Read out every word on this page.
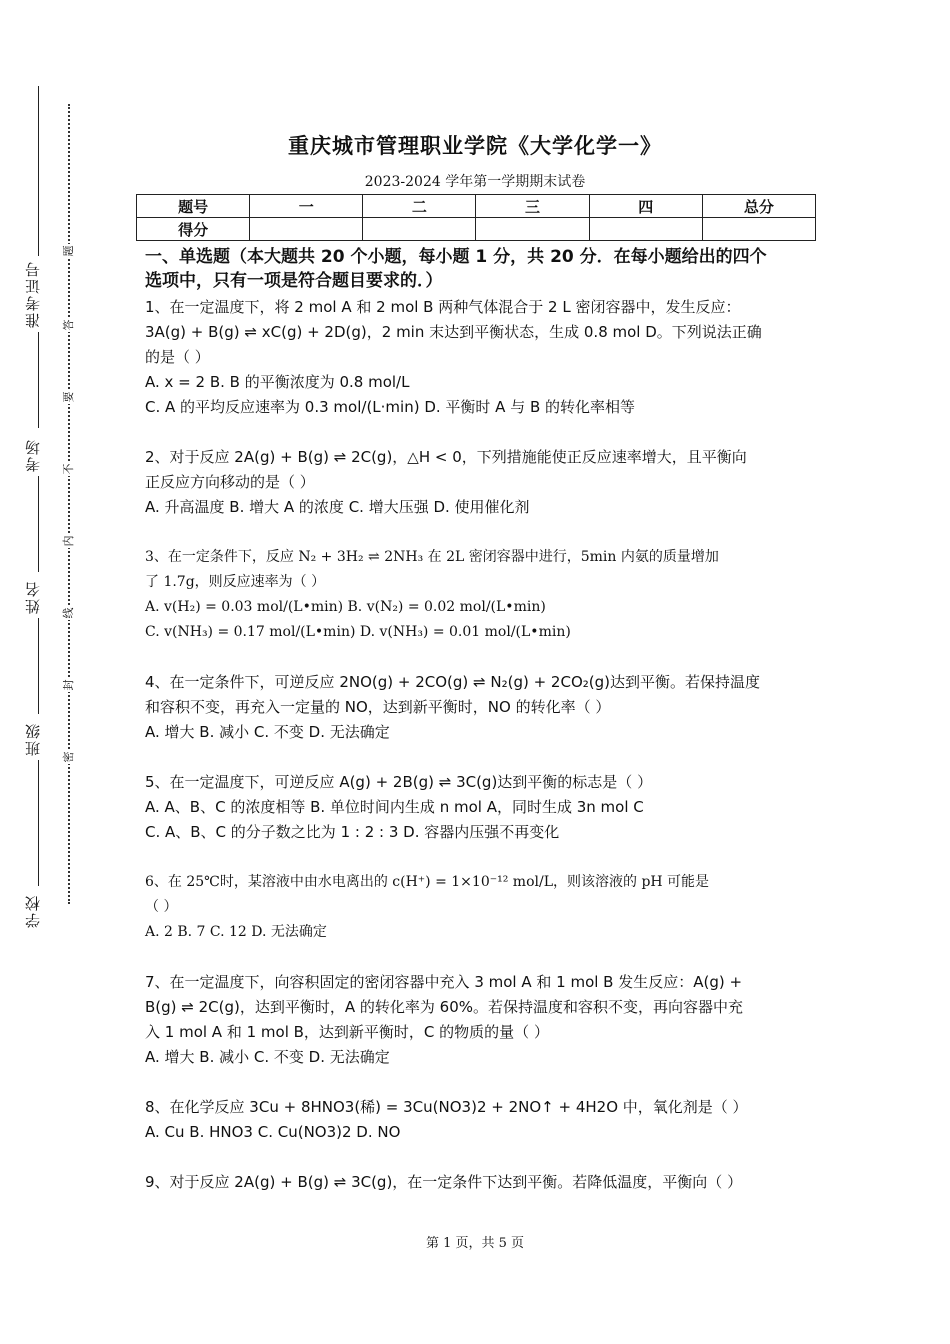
准考证号
考场
姓名
班级
学校
题
答
要
不
内
线
封
密
重庆城市管理职业学院《大学化学一》
2023-2024 学年第一学期期末试卷
题号	一	二	三	四	总分
得分					
一、单选题（本大题共 20 个小题，每小题 1 分，共 20 分．在每小题给出的四个
选项中，只有一项是符合题目要求的．）

1、在一定温度下，将 2 mol A 和 2 mol B 两种气体混合于 2 L 密闭容器中，发生反应：

3A(g) + B(g) ⇌ xC(g) + 2D(g)，2 min 末达到平衡状态，生成 0.8 mol D。下列说法正确

的是（ ）

A. x = 2 B. B 的平衡浓度为 0.8 mol/L

C. A 的平均反应速率为 0.3 mol/(L·min) D. 平衡时 A 与 B 的转化率相等

2、对于反应 2A(g) + B(g) ⇌ 2C(g)，△H < 0，下列措施能使正反应速率增大，且平衡向

正反应方向移动的是（ ）

A. 升高温度 B. 增大 A 的浓度 C. 增大压强 D. 使用催化剂

3、在一定条件下，反应 N₂ + 3H₂ ⇌ 2NH₃ 在 2L 密闭容器中进行，5min 内氨的质量增加

了 1.7g，则反应速率为（ ）

A. v(H₂) = 0.03 mol/(L•min) B. v(N₂) = 0.02 mol/(L•min)

C. v(NH₃) = 0.17 mol/(L•min) D. v(NH₃) = 0.01 mol/(L•min)

4、在一定条件下，可逆反应 2NO(g) + 2CO(g) ⇌ N₂(g) + 2CO₂(g)达到平衡。若保持温度

和容积不变，再充入一定量的 NO，达到新平衡时，NO 的转化率（ ）

A. 增大 B. 减小 C. 不变 D. 无法确定

5、在一定温度下，可逆反应 A(g) + 2B(g) ⇌ 3C(g)达到平衡的标志是（ ）

A. A、B、C 的浓度相等 B. 单位时间内生成 n mol A，同时生成 3n mol C

C. A、B、C 的分子数之比为 1 : 2 : 3 D. 容器内压强不再变化

6、在 25℃时，某溶液中由水电离出的 c(H⁺) = 1×10⁻¹² mol/L，则该溶液的 pH 可能是

（ ）

A. 2 B. 7 C. 12 D. 无法确定

7、在一定温度下，向容积固定的密闭容器中充入 3 mol A 和 1 mol B 发生反应：A(g) +

B(g) ⇌ 2C(g)，达到平衡时，A 的转化率为 60%。若保持温度和容积不变，再向容器中充

入 1 mol A 和 1 mol B，达到新平衡时，C 的物质的量（ ）

A. 增大 B. 减小 C. 不变 D. 无法确定

8、在化学反应 3Cu + 8HNO3(稀) = 3Cu(NO3)2 + 2NO↑ + 4H2O 中，氧化剂是（ ）

A. Cu B. HNO3 C. Cu(NO3)2 D. NO

9、对于反应 2A(g) + B(g) ⇌ 3C(g)，在一定条件下达到平衡。若降低温度，平衡向（ ）

第 1 页，共 5 页
